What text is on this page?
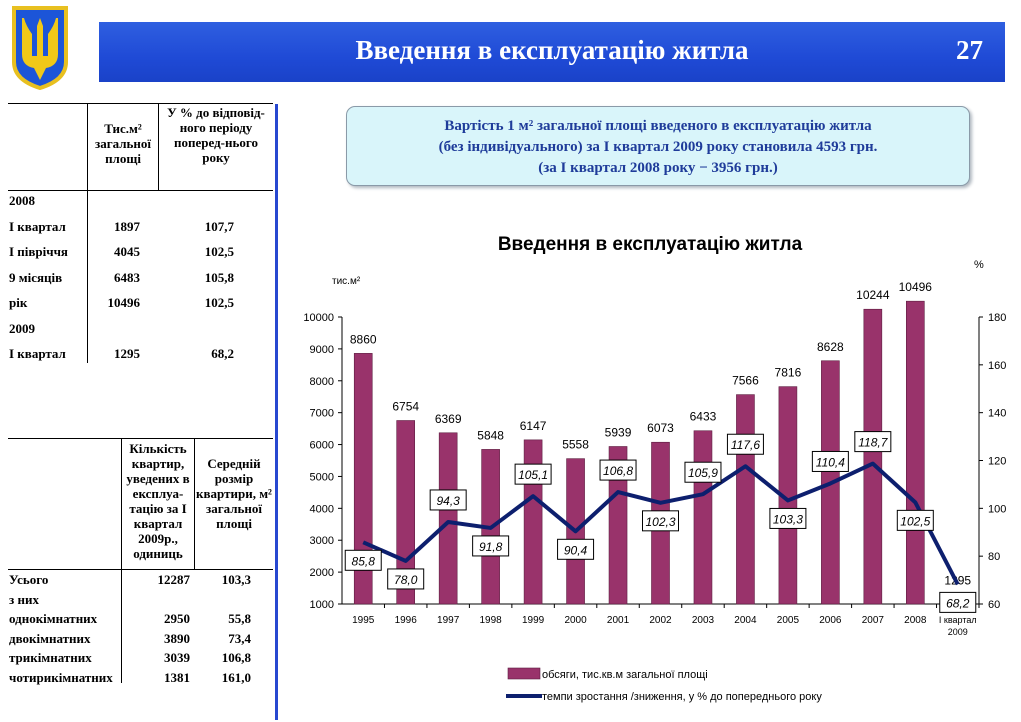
Введення в експлуатацію житла	27
Тис.м² загальної площі
У % до відповід-ного періоду поперед-нього року
2008
I квартал	1897	107,7
I півріччя	4045	102,5
9 місяців	6483	105,8
рік	10496	102,5
2009
I квартал	1295	68,2
Кількість квартир, уведених в експлуа-тацію за I квартал 2009р., одиниць
Середній розмір квартири, м² загальної площі
Усього	12287	103,3
з них
однокімнатних	2950	55,8
двокімнатних	3890	73,4
трикімнатних	3039	106,8
чотирикімнатних	1381	161,0
Вартість 1 м² загальної площі введеного в експлуатацію житла
(без індивідуального) за I квартал 2009 року становила 4593 грн.
(за I квартал 2008 року − 3956 грн.)
Введення в експлуатацію житла
1000
2000
3000
4000
5000
6000
7000
8000
9000
10000
60
80
100
120
140
160
180
тис.м²
%
1995 1996 1997 1998 1999 2000 2001 2002 2003 2004 2005 2006 2007 2008 I квартал
2009
8860
6754
6369
5848
6147
5558
5939 6073
6433
7566
7816
8628
10244
10496
1295
85,8
78,0
94,3
91,8
105,1
90,4
106,8
102,3
105,9
117,6
103,3
110,4
118,7
102,5
68,2
обсяги, тис.кв.м загальної площі
темпи зростання /зниження, у % до попереднього року
